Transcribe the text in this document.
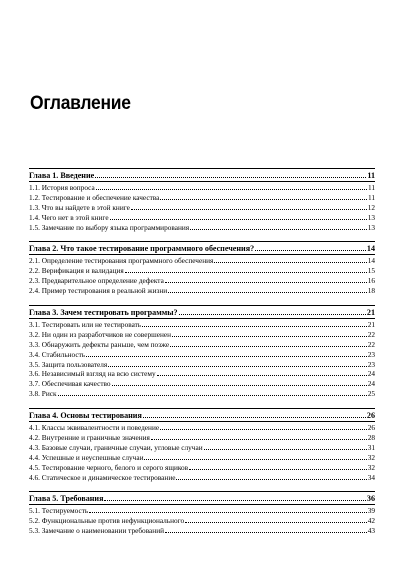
Оглавление
Глава 1. Введение	11
1.1. История вопроса	11
1.2. Тестирование и обеспечение качества	11
1.3. Что вы найдете в этой книге	12
1.4. Чего нет в этой книге	13
1.5. Замечание по выбору языка программирования	13
Глава 2. Что такое тестирование программного обеспечения?	14
2.1. Определение тестирования программного обеспечения	14
2.2. Верификация и валидация	15
2.3. Предварительное определение дефекта	16
2.4. Пример тестирования в реальной жизни	18
Глава 3. Зачем тестировать программы?	21
3.1. Тестировать или не тестировать	21
3.2. Ни один из разработчиков не совершенен	22
3.3. Обнаружить дефекты раньше, чем позже	22
3.4. Стабильность	23
3.5. Защита пользователя	23
3.6. Независимый взгляд на всю систему	24
3.7. Обеспечивая качество	24
3.8. Риск	25
Глава 4. Основы тестирования	26
4.1. Классы эквивалентности и поведение	26
4.2. Внутренние и граничные значения	28
4.3. Базовые случаи, граничные случаи, угловые случаи	31
4.4. Успешные и неуспешные случаи	32
4.5. Тестирование черного, белого и серого ящиков	32
4.6. Статическое и динамическое тестирование	34
Глава 5. Требования	36
5.1. Тестируемость	39
5.2. Функциональные против нефункционального	42
5.3. Замечание о наименовании требований	43
